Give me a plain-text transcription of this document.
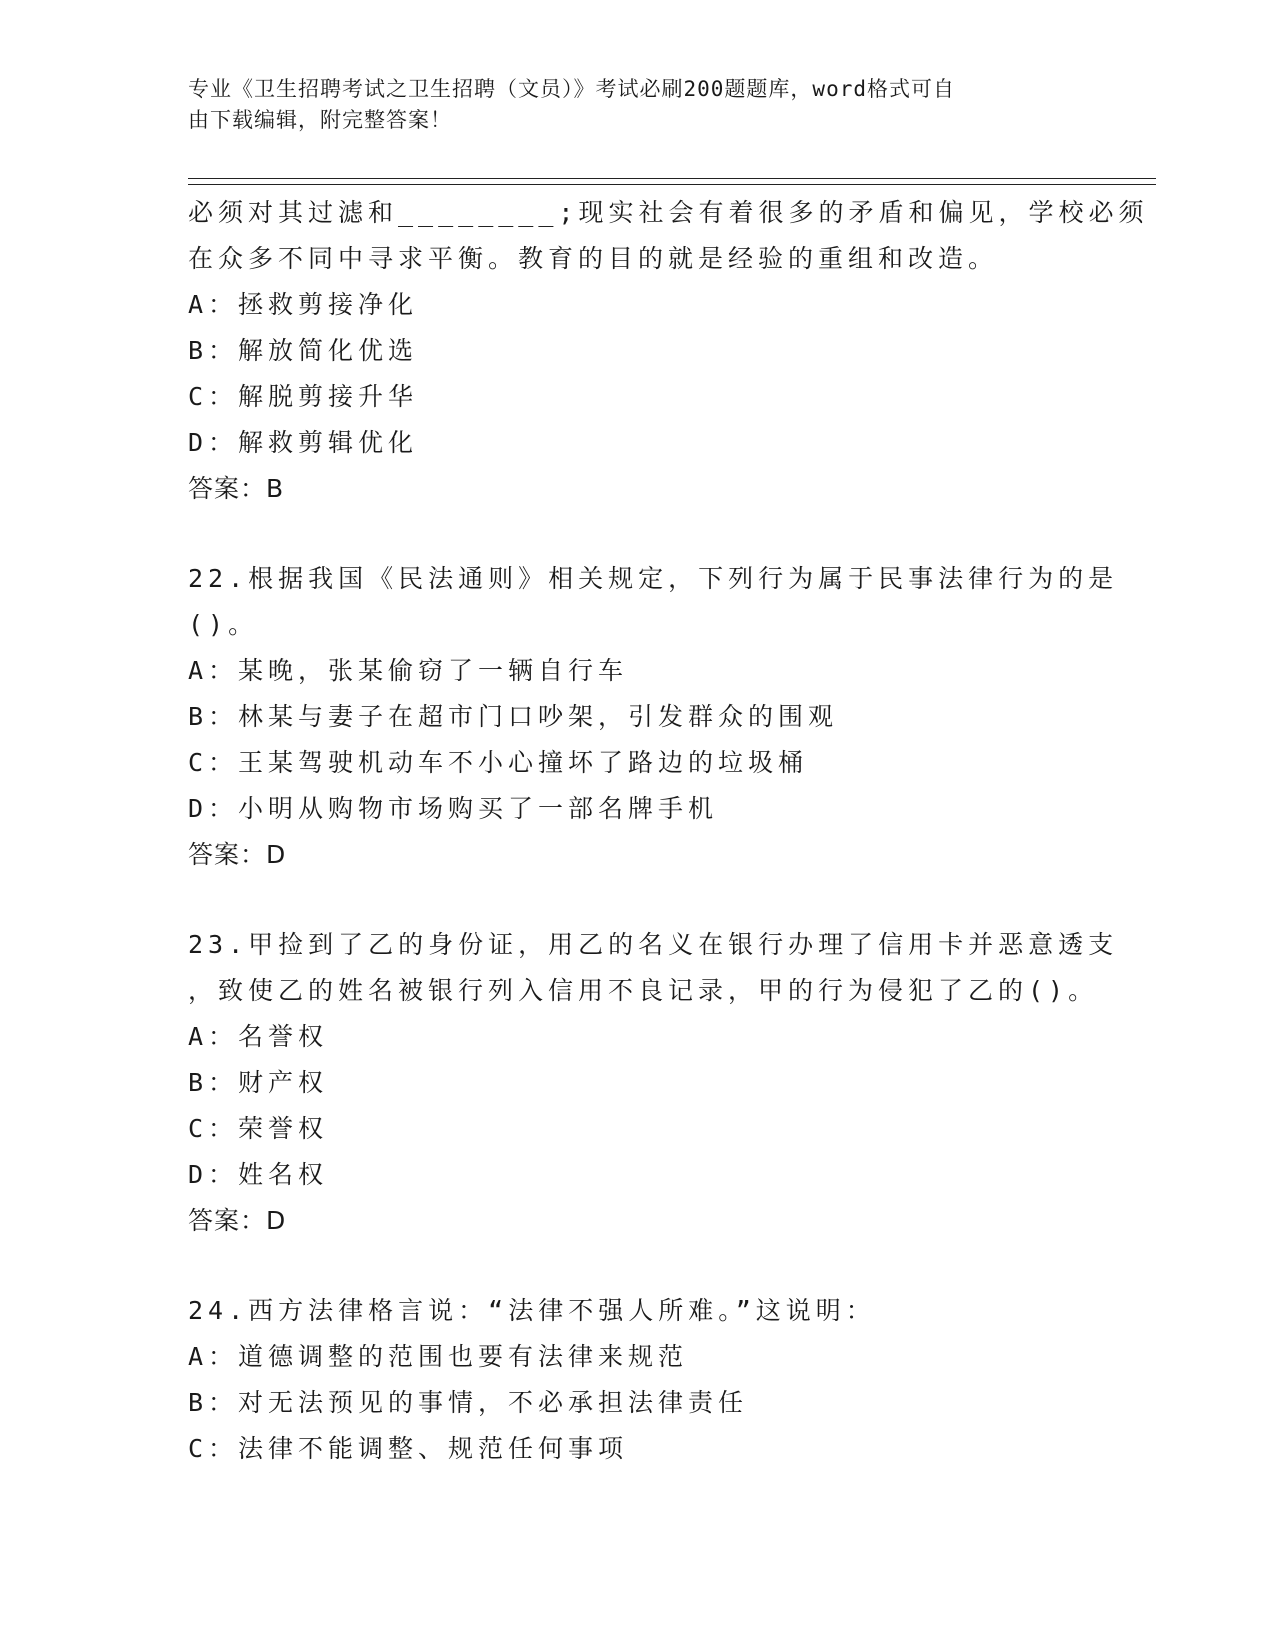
专业《卫生招聘考试之卫生招聘（文员）》考试必刷200题题库，word格式可自
由下载编辑，附完整答案！
必须对其过滤和________;现实社会有着很多的矛盾和偏见，学校必须
在众多不同中寻求平衡。教育的目的就是经验的重组和改造。
A：拯救剪接净化
B：解放简化优选
C：解脱剪接升华
D：解救剪辑优化
答案：B
22.根据我国《民法通则》相关规定，下列行为属于民事法律行为的是
()。
A：某晚，张某偷窃了一辆自行车
B：林某与妻子在超市门口吵架，引发群众的围观
C：王某驾驶机动车不小心撞坏了路边的垃圾桶
D：小明从购物市场购买了一部名牌手机
答案：D
23.甲捡到了乙的身份证，用乙的名义在银行办理了信用卡并恶意透支
，致使乙的姓名被银行列入信用不良记录，甲的行为侵犯了乙的()。
A：名誉权
B：财产权
C：荣誉权
D：姓名权
答案：D
24.西方法律格言说：“法律不强人所难。”这说明：
A：道德调整的范围也要有法律来规范
B：对无法预见的事情，不必承担法律责任
C：法律不能调整、规范任何事项
